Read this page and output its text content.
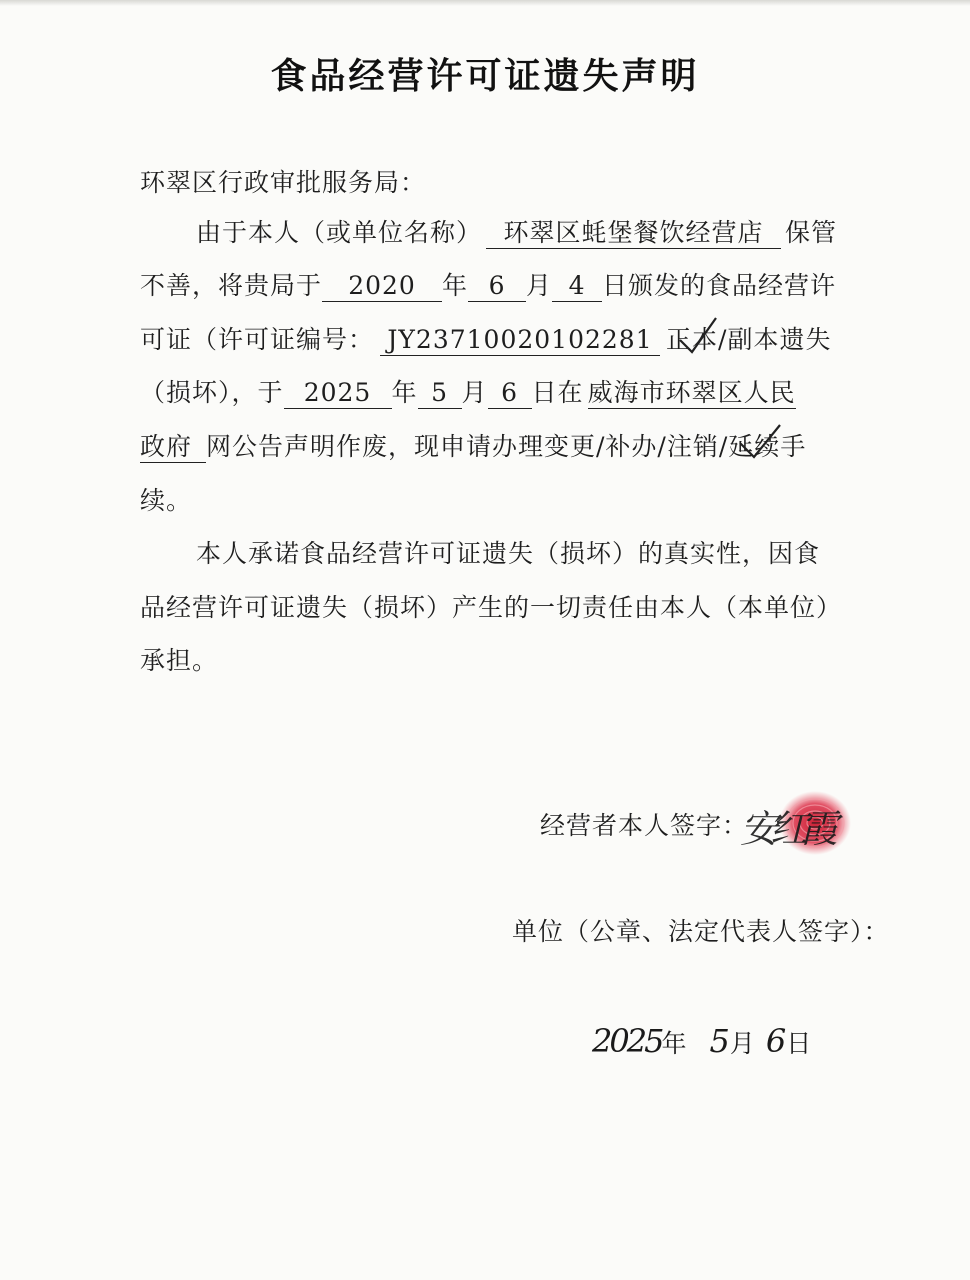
食品经营许可证遗失声明
环翠区行政审批服务局：
由于本人（或单位名称） 环翠区蚝堡餐饮经营店 保管
不善，将贵局于 2020 年 6 月 4 日颁发的食品经营许
可证（许可证编号： JY23710020102281 正本
/副本遗失
（损坏），于 2025 年 5 月 6 日在 威海市环翠区人民
政府 网公告声明作废，现申请办理变更/补办/注销/延续
手
续。
本人承诺食品经营许可证遗失（损坏）的真实性，因食
品经营许可证遗失（损坏）产生的一切责任由本人（本单位）
承担。
经营者本人签字：
安红霞
单位（公章、法定代表人签字）：
2025年 5月 6日
